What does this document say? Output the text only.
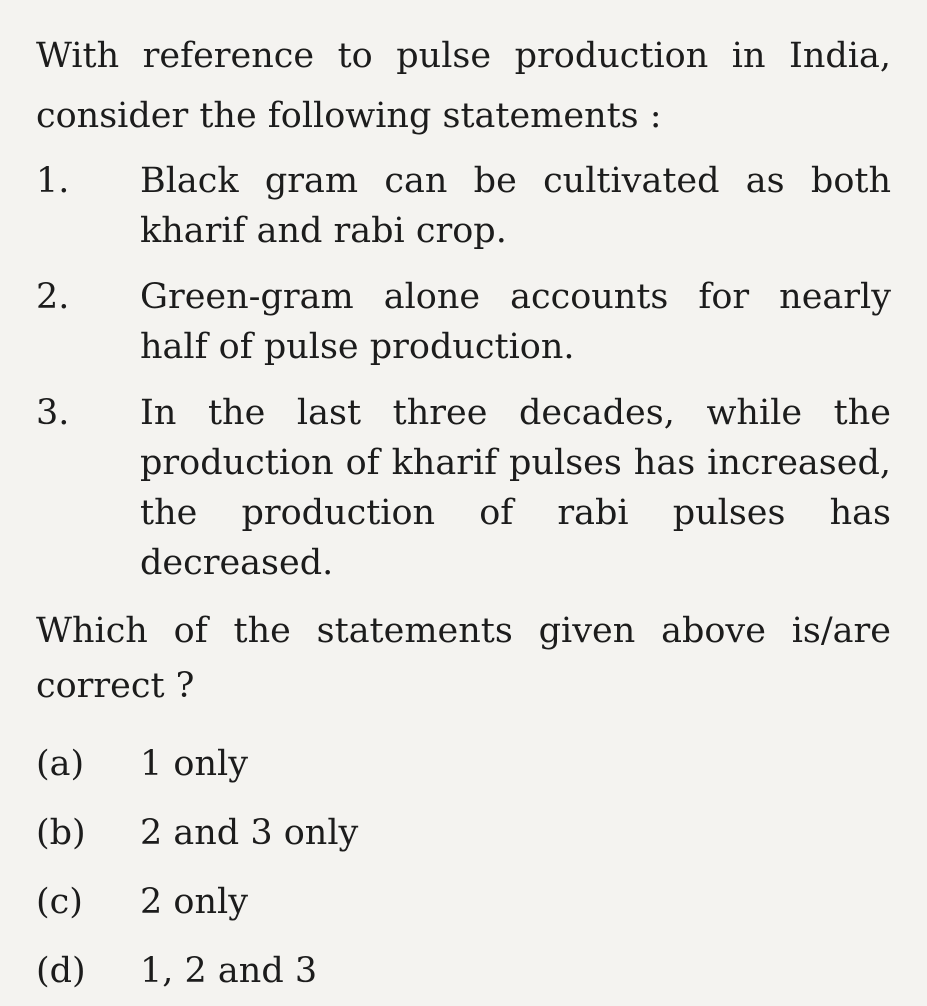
With reference to pulse production in India, consider the following statements :

1.	Black gram can be cultivated as both kharif and rabi crop.
2.	Green-gram alone accounts for nearly half of pulse production.
3.	In the last three decades, while the production of kharif pulses has increased, the production of rabi pulses has decreased.
Which of the statements given above is/are correct ?
(a)	1 only
(b)	2 and 3 only
(c)	2 only
(d)	1, 2 and 3
